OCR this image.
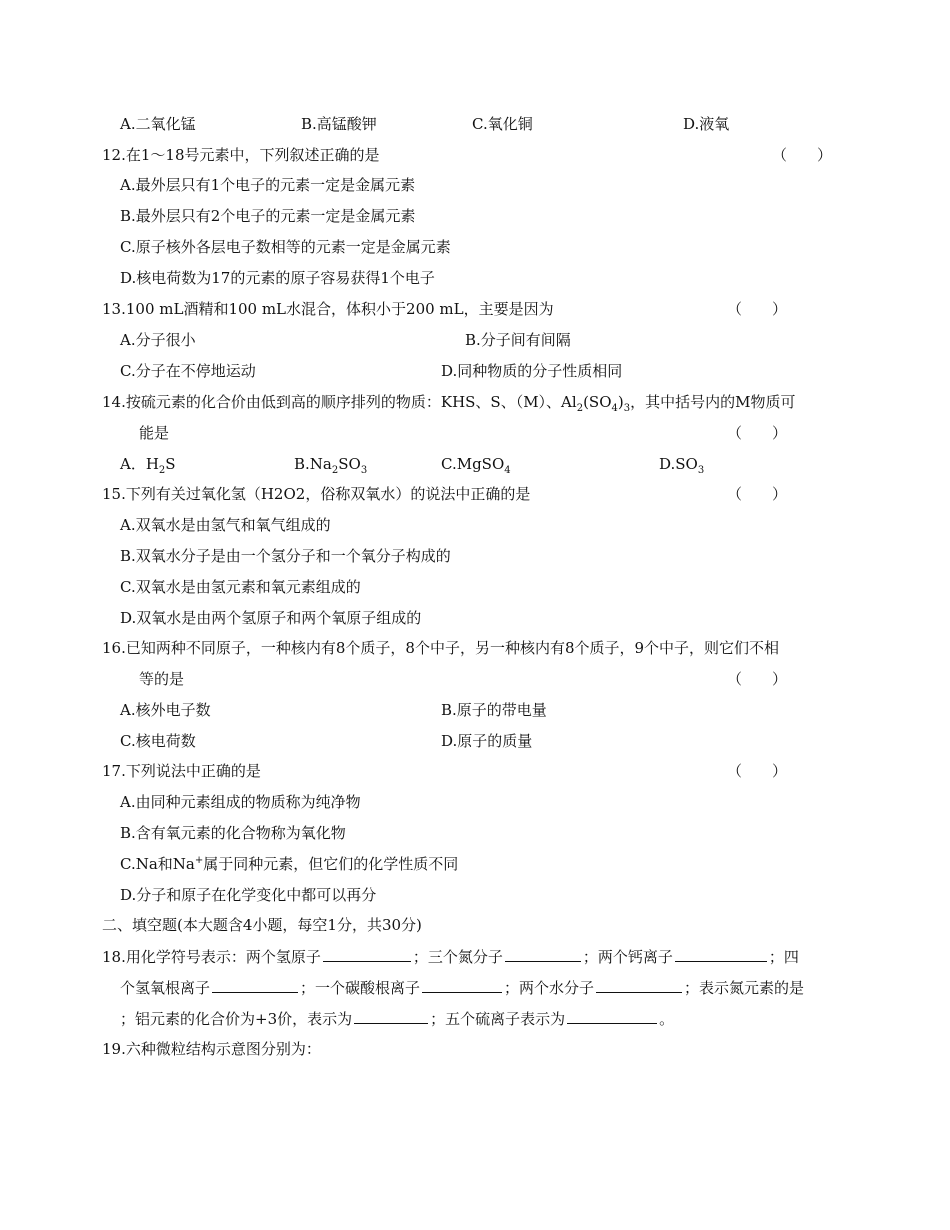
A.二氧化锰	B.高锰酸钾	C.氧化铜	D.液氧
12.在1～18号元素中，下列叙述正确的是	（　　）
A.最外层只有1个电子的元素一定是金属元素
B.最外层只有2个电子的元素一定是金属元素
C.原子核外各层电子数相等的元素一定是金属元素
D.核电荷数为17的元素的原子容易获得1个电子
13.100 mL酒精和100 mL水混合，体积小于200 mL，主要是因为	（　　）
A.分子很小	B.分子间有间隔
C.分子在不停地运动	D.同种物质的分子性质相同
14.按硫元素的化合价由低到高的顺序排列的物质：KHS、S、（M）、$Al_2(SO_4)_3$，其中括号内的M物质可
能是	（　　）
A．$H_2S$	$B.Na_2SO_3$	C.MgSO$_4$	$D.SO_3$
15.下列有关过氧化氢（H2O2，俗称双氧水）的说法中正确的是	（　　）
A.双氧水是由氢气和氧气组成的
B.双氧水分子是由一个氢分子和一个氧分子构成的
C.双氧水是由氢元素和氧元素组成的
D.双氧水是由两个氢原子和两个氧原子组成的
16.已知两种不同原子，一种核内有8个质子，8个中子，另一种核内有8个质子，9个中子，则它们不相
等的是	（　　）
A.核外电子数	B.原子的带电量
C.核电荷数	D.原子的质量
17.下列说法中正确的是	（　　）
A.由同种元素组成的物质称为纯净物
B.含有氧元素的化合物称为氧化物
C.Na和Na+属于同种元素，但它们的化学性质不同
D.分子和原子在化学变化中都可以再分
二、填空题(本大题含4小题，每空1分，共30分)
18.用化学符号表示：两个氢原子	；三个氮分子	；两个钙离子	；四
个氢氧根离子	；一个碳酸根离子	；两个水分子	；表示氮元素的是
；铝元素的化合价为+3价，表示为	；五个硫离子表示为	。
19.六种微粒结构示意图分别为：
